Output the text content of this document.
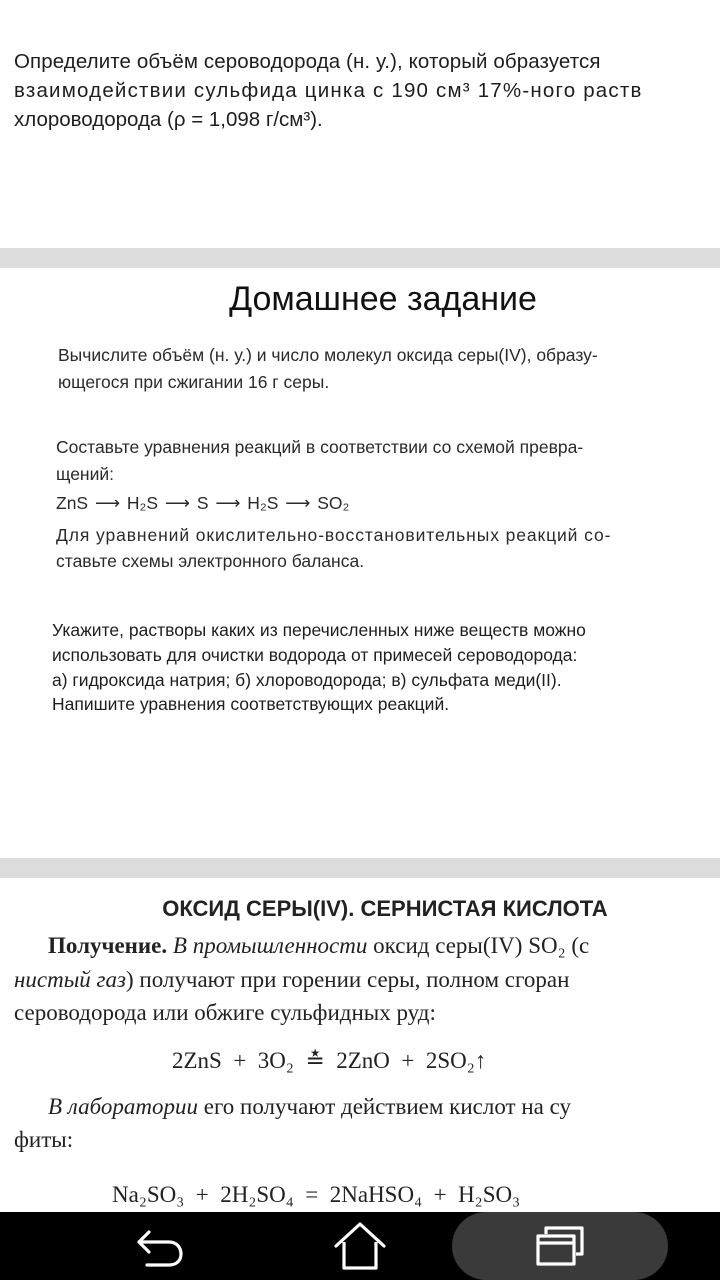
Определите объём сероводорода (н. у.), который образуется
взаимодействии сульфида цинка с 190 см³ 17%-ного раств
хлороводорода (ρ = 1,098 г/см³).
Домашнее задание
Вычислите объём (н. у.) и число молекул оксида серы(IV), образу-
ющегося при сжигании 16 г серы.
Составьте уравнения реакций в соответствии со схемой превра-
щений:
ZnS ⟶ H₂S ⟶ S ⟶ H₂S ⟶ SO₂
Для уравнений окислительно-восстановительных реакций со-
ставьте схемы электронного баланса.
Укажите, растворы каких из перечисленных ниже веществ можно
использовать для очистки водорода от примесей сероводорода:
а) гидроксида натрия; б) хлороводорода; в) сульфата меди(II).
Напишите уравнения соответствующих реакций.
ОКСИД СЕРЫ(IV). СЕРНИСТАЯ КИСЛОТА
Получение. В промышленности оксид серы(IV) SO₂ (с
нистый газ) получают при горении серы, полном сгоран
сероводорода или обжиге сульфидных руд:
2ZnS  +  3O₂  ≛  2ZnO  +  2SO₂↑
В лаборатории его получают действием кислот на су
фиты:
Na₂SO₃  +  2H₂SO₄  =  2NaHSO₄  +  H₂SO₃
